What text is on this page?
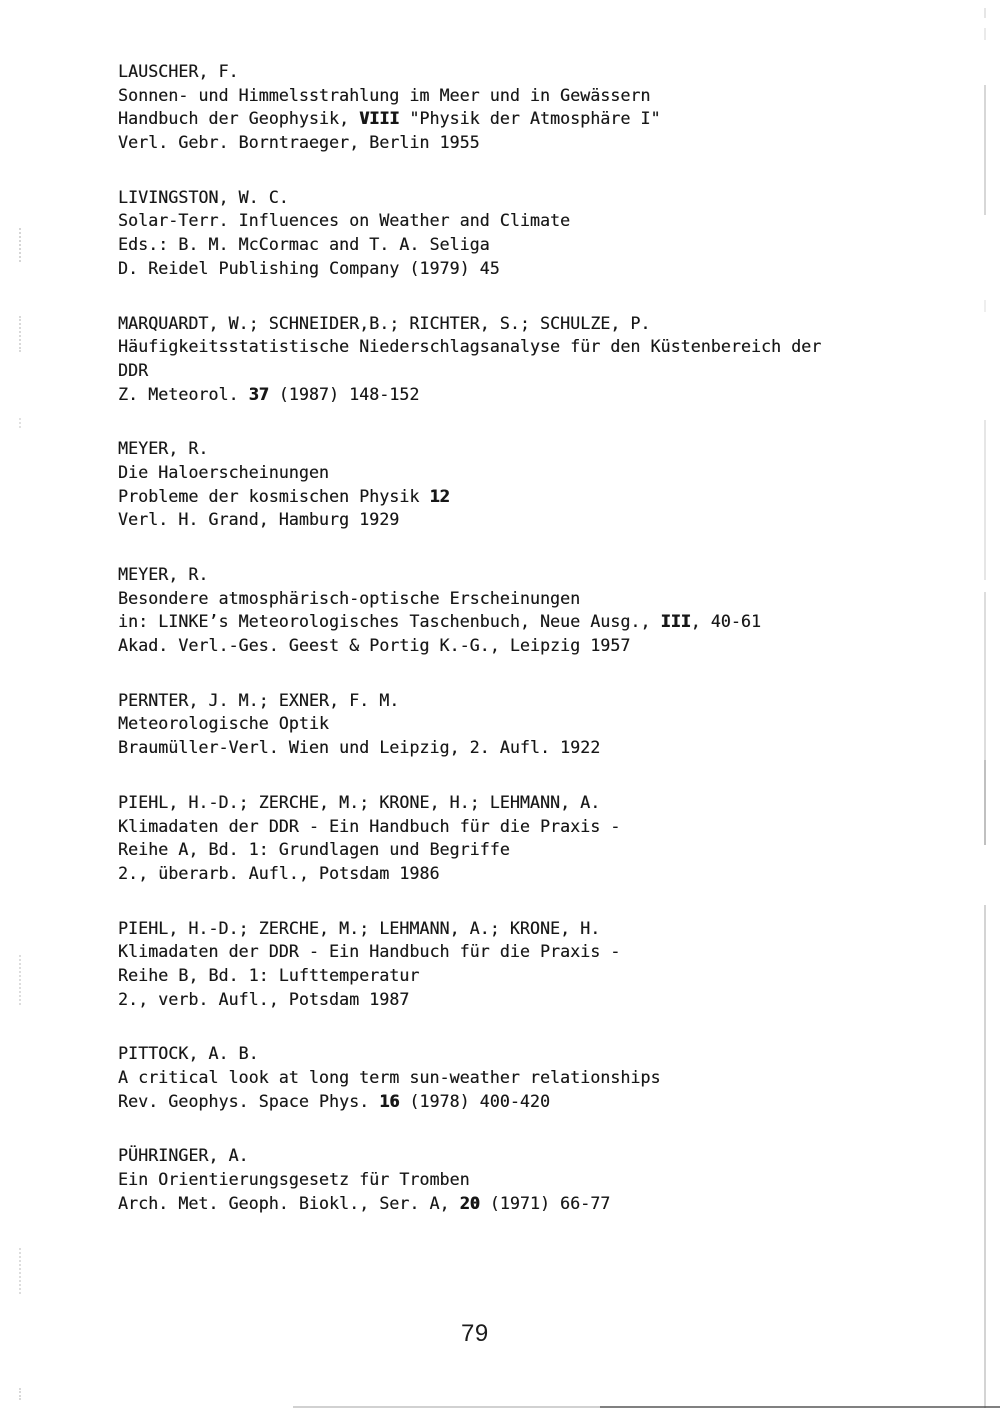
LAUSCHER, F.
Sonnen- und Himmelsstrahlung im Meer und in Gewässern
Handbuch der Geophysik, VIII "Physik der Atmosphäre I"
Verl. Gebr. Borntraeger, Berlin 1955
LIVINGSTON, W. C.
Solar-Terr. Influences on Weather and Climate
Eds.: B. M. McCormac and T. A. Seliga
D. Reidel Publishing Company (1979) 45
MARQUARDT, W.; SCHNEIDER,B.; RICHTER, S.; SCHULZE, P.
Häufigkeitsstatistische Niederschlagsanalyse für den Küstenbereich der
DDR
Z. Meteorol. 37 (1987) 148-152
MEYER, R.
Die Haloerscheinungen
Probleme der kosmischen Physik 12
Verl. H. Grand, Hamburg 1929
MEYER, R.
Besondere atmosphärisch-optische Erscheinungen
in: LINKE’s Meteorologisches Taschenbuch, Neue Ausg., III, 40-61
Akad. Verl.-Ges. Geest & Portig K.-G., Leipzig 1957
PERNTER, J. M.; EXNER, F. M.
Meteorologische Optik
Braumüller-Verl. Wien und Leipzig, 2. Aufl. 1922
PIEHL, H.-D.; ZERCHE, M.; KRONE, H.; LEHMANN, A.
Klimadaten der DDR - Ein Handbuch für die Praxis -
Reihe A, Bd. 1: Grundlagen und Begriffe
2., überarb. Aufl., Potsdam 1986
PIEHL, H.-D.; ZERCHE, M.; LEHMANN, A.; KRONE, H.
Klimadaten der DDR - Ein Handbuch für die Praxis -
Reihe B, Bd. 1: Lufttemperatur
2., verb. Aufl., Potsdam 1987
PITTOCK, A. B.
A critical look at long term sun-weather relationships
Rev. Geophys. Space Phys. 16 (1978) 400-420
PÜHRINGER, A.
Ein Orientierungsgesetz für Tromben
Arch. Met. Geoph. Biokl., Ser. A, 20 (1971) 66-77
79
